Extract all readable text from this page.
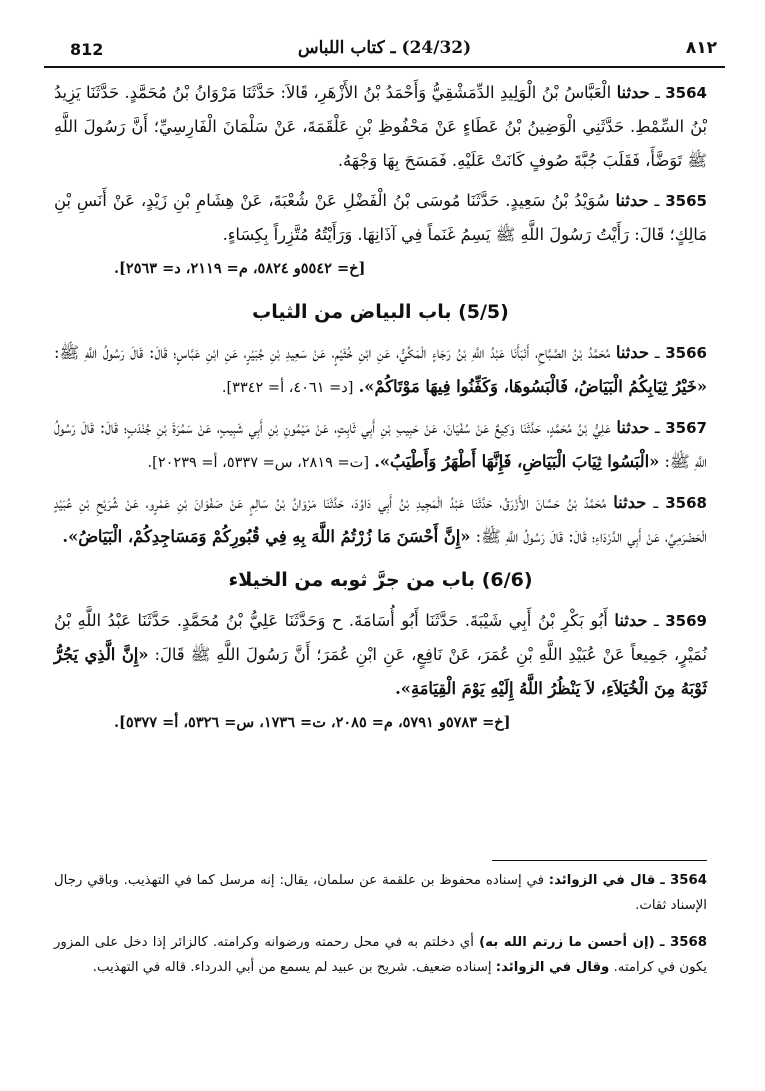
812	(24/32) ـ كتاب اللباس	٨١٢

3564 ـ حدثنا الْعَبَّاسُ بْنُ الْوَلِيدِ الدِّمَشْقِيُّ وَأَحْمَدُ بْنُ الأَزْهَرِ، قَالاَ: حَدَّثَنَا مَرْوَانُ بْنُ مُحَمَّدٍ. حَدَّثَنَا يَزِيدُ بْنُ السِّمْطِ. حَدَّثَنِي الْوَضِينُ بْنُ عَطَاءٍ عَنْ مَحْفُوظِ بْنِ عَلْقَمَةَ، عَنْ سَلْمَانَ الْفَارِسِيِّ؛ أَنَّ رَسُولَ اللَّهِ ﷺ تَوَضَّأَ، فَقَلَبَ جُبَّةَ صُوفٍ كَانَتْ عَلَيْهِ. فَمَسَحَ بِهَا وَجْهَهُ.

3565 ـ حدثنا سُوَيْدُ بْنُ سَعِيدٍ. حَدَّثَنَا مُوسَى بْنُ الْفَضْلِ عَنْ شُعْبَةَ، عَنْ هِشَامِ بْنِ زَيْدٍ، عَنْ أَنَسِ بْنِ مَالِكٍ؛ قَالَ: رَأَيْتُ رَسُولَ اللَّهِ ﷺ يَسِمُ غَنَماً فِي آذَانِهَا. وَرَأَيْتُهُ مُتَّزِراً بِكِسَاءٍ.
[خ= ٥٥٤٢و ٥٨٢٤، م= ٢١١٩، د= ٢٥٦٣].

(5/5) باب البياض من الثياب

3566 ـ حدثنا مُحَمَّدُ بْنُ الصَّبَّاحِ، أَنْبَأَنَا عَبْدُ اللَّهِ بْنُ رَجَاءٍ الْمَكِّيُّ، عَنِ ابْنِ خُثَيْمٍ، عَنْ سَعِيدِ بْنِ جُبَيْرٍ، عَنِ ابْنِ عَبَّاسٍ؛ قَالَ: قَالَ رَسُولُ اللَّهِ ﷺ: «خَيْرُ ثِيَابِكُمُ الْبَيَاضُ، فَالْبَسُوهَا، وَكَفِّنُوا فِيهَا مَوْتَاكُمْ». [د= ٤٠٦١، أ= ٣٣٤٢].

3567 ـ حدثنا عَلِيُّ بْنُ مُحَمَّدٍ، حَدَّثَنَا وَكِيعٌ عَنْ سُفْيَانَ، عَنْ حَبِيبِ بْنِ أَبِي ثَابِتٍ، عَنْ مَيْمُونِ بْنِ أَبِي شَبِيبٍ، عَنْ سَمُرَةَ بْنِ جُنْدَبٍ؛ قَالَ: قَالَ رَسُولُ اللَّهِ ﷺ: «الْبَسُوا ثِيَابَ الْبَيَاضِ، فَإِنَّهَا أَطْهَرُ وَأَطْيَبُ». [ت= ٢٨١٩، س= ٥٣٣٧، أ= ٢٠٢٣٩].

3568 ـ حدثنا مُحَمَّدُ بْنُ حَسَّانَ الأَزْرَقُ، حَدَّثَنَا عَبْدُ الْمَجِيدِ بْنُ أَبِي دَاوُدَ، حَدَّثَنَا مَرْوَانُ بْنُ سَالِمٍ عَنْ صَفْوَانَ بْنِ عَمْرٍو، عَنْ شُرَيْحِ بْنِ عُبَيْدٍ الْحَضْرَمِيِّ، عَنْ أَبِي الدَّرْدَاءِ؛ قَالَ: قَالَ رَسُولُ اللَّهِ ﷺ: «إِنَّ أَحْسَنَ مَا زُرْتُمُ اللَّهَ بِهِ فِي قُبُورِكُمْ وَمَسَاجِدِكُمْ، الْبَيَاضُ».

(6/6) باب من جرَّ ثوبه من الخيلاء

3569 ـ حدثنا أَبُو بَكْرِ بْنُ أَبِي شَيْبَةَ. حَدَّثَنَا أَبُو أُسَامَةَ. ح وَحَدَّثَنَا عَلِيُّ بْنُ مُحَمَّدٍ. حَدَّثَنَا عَبْدُ اللَّهِ بْنُ نُمَيْرٍ، جَمِيعاً عَنْ عُبَيْدِ اللَّهِ بْنِ عُمَرَ، عَنْ نَافِعٍ، عَنِ ابْنِ عُمَرَ؛ أَنَّ رَسُولَ اللَّهِ ﷺ قَالَ: «إِنَّ الَّذِي يَجُرُّ ثَوْبَهُ مِنَ الْخُيَلاَءِ، لاَ يَنْظُرُ اللَّهُ إِلَيْهِ يَوْمَ الْقِيَامَةِ».
[خ= ٥٧٨٣و ٥٧٩١، م= ٢٠٨٥، ت= ١٧٣٦، س= ٥٣٢٦، أ= ٥٣٧٧].

3564 ـ قال في الزوائد: في إسناده محفوظ بن علقمة عن سلمان، يقال: إنه مرسل كما في التهذيب. وباقي رجال الإسناد ثقات.

3568 ـ (إن أحسن ما زرتم الله به) أي دخلتم به في محل رحمته ورضوانه وكرامته. كالزائر إذا دخل على المزور يكون في كرامته. وقال في الزوائد: إسناده ضعيف. شريح بن عبيد لم يسمع من أبي الدرداء. قاله في التهذيب.
